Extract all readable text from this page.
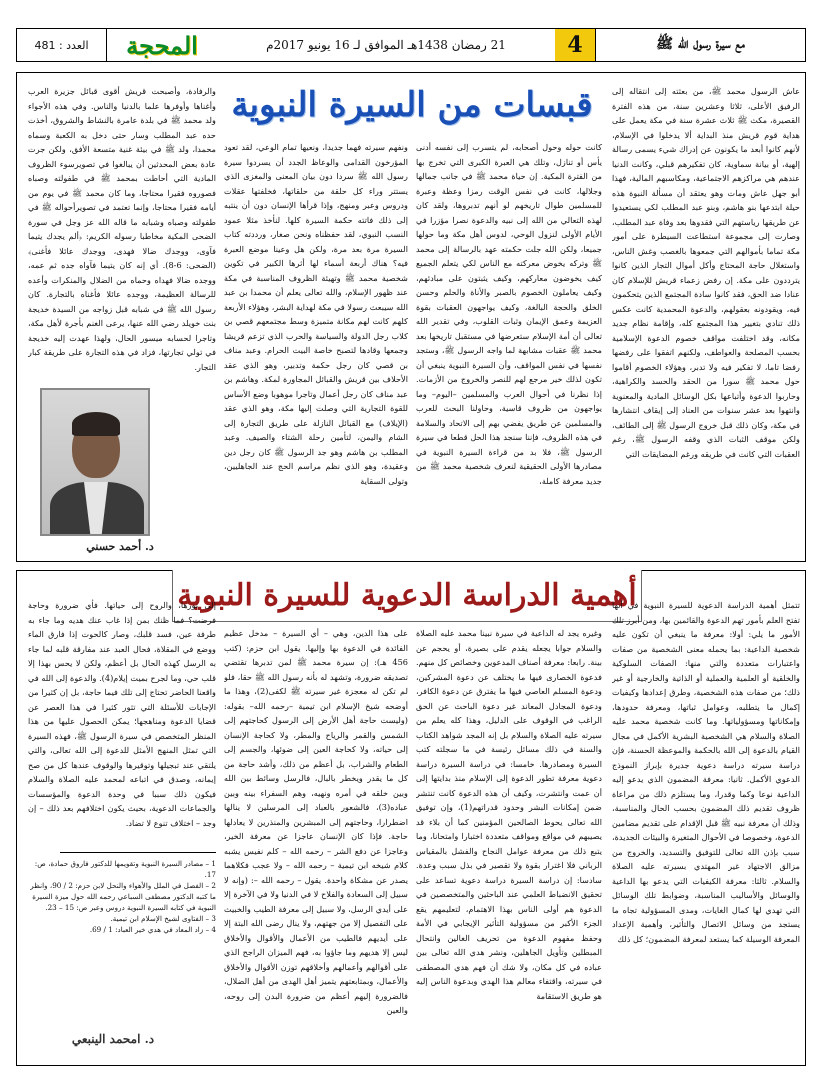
مع سيرة رسول الله ﷺ
4
21 رمضان 1438هـ الموافق لـ 16 يونيو 2017م
المحجة
العدد : 481
قبسات من السيرة النبوية	عاش الرسول محمد ﷺ، من بعثته إلى انتقاله إلى الرفيق الأعلى، ثلاثا وعشرين سنة، من هذه الفترة القصيرة، مكث ﷺ ثلاث عشرة سنة في مكة يعمل على هداية قوم قريش منذ البداية ألا يدخلوا في الإسلام، لأنهم كانوا أبعد ما يكونون عن إدراك شيء يسمى رسالة إلهية، أو بيانة سماوية، كان تفكيرهم قبلي، وكانت الدنيا عندهم هي مراكزهم الاجتماعية، ومكاسبهم المالية، فهذا أبو جهل عاش ومات وهو يعتقد أن مسألة النبوة هذه حيلة ابتدعها بنو هاشم، وبنو عبد المطلب لكي يستعيدوا عن طريقها رياستهم التي فقدوها بعد وفاة عبد المطلب، وصارت إلى مجموعة استطاعت السيطرة على أمور مكة تماما بأموالهم التي جمعوها بالغصب وغش الناس، واستغلال حاجة المحتاج وأكل أموال التجار الذين كانوا يترددون على مكة. إن رفض زعماء قريش للإسلام كان عنادا ضد الحق، فقد كانوا سادة المجتمع الذين يتحكمون فيه، ويقودونه بعقولهم، والدعوة المحمدية كانت عكس ذلك تنادي بتغيير هذا المجتمع كله، وإقامة نظام جديد مكانه، وقد اختلفت مواقف خصوم الدعوة الإسلامية بحسب المصلحة والعواطف، ولكنهم اتفقوا على رفضها رفضا تاما، لا تفكير فيه ولا تدبر، وهؤلاء الخصوم أقاموا حول محمد ﷺ سورا من الحقد والحسد والكراهية، وحاربوا الدعوة وأتباعها بكل الوسائل المادية والمعنوية وانتهوا بعد عشر سنوات من العناد إلى إيقاف انتشارها في مكة، وكان ذلك قبل خروج الرسول ﷺ إلى الطائف، ولكن موقف الثبات الذي وقفه الرسول ﷺ، رغم العقبات التي كانت في طريقه ورغم المضايقات التي

كانت حوله وحول أصحابه، لم يتسرب إلى نفسه أدنى يأس أو تنازل، وتلك هي العبرة الكبرى التي تخرج بها من الفترة المكية. إن حياة محمد ﷺ في جانب جمالها وجلالها، كانت في نفس الوقت رمزا وعظة وعبرة للمسلمين طوال تاريخهم لو أنهم تدبروها، ولقد كان لهذه التعالي من الله إلى نبيه والدعوة نصرا مؤزرا في الأيام الأولى لنزول الوحي، لدوس أهل مكة وما حولها جميعا، ولكن الله جلت حكمته عهد بالرسالة إلى محمد ﷺ وتركه يخوض معركته مع الناس لكي يتعلم الجميع كيف يخوضون معاركهم، وكيف يثبتون على مبادئهم، وكيف يعاملون الخصوم بالصبر والأناة والحلم وحسن الخلق والحجة البالغة، وكيف يواجهون العقبات بقوة العزيمة وعمق الإيمان وثبات القلوب، وفي تقدير الله تعالى أن أمة الإسلام ستعرضها في مستقبل تاريخها بعد محمد ﷺ عقبات مشابهة لما واجه الرسول ﷺ، وستجد نفسها في نفس المواقف، وأن السيرة النبوية ينبغي أن تكون لذلك خير مرجع لهم للنصر والخروج من الأزمات. إذا نظرنا في أحوال العرب والمسلمين –اليوم– وما يواجهون من ظروف قاسية، وحاولنا البحث للعرب والمسلمين عن طريق يفضي بهم إلى الاتحاد والسلامة في هذه الظروف، فإننا سنجد هذا الحل قطعا في سيرة الرسول ﷺ، فلا بد من قراءة السيرة النبوية في مصادرها الأولى الحقيقية لنعرف شخصية محمد ﷺ من جديد معرفة كاملة،

ونفهم سيرته فهما جديدا، ونعيها تمام الوعي، لقد تعود المؤرخون القدامى والوعاظ الجدد أن يسردوا سيرة رسول الله ﷺ سردا دون بيان المعنى والمغزى الذي يستتر وراء كل حلقة من حلقاتها، فخلفتها عقلات ودروس وعبر ومنهج، وإذا قرأها الإنسان دون أن ينتبه إلى ذلك فاتته حكمة السيرة كلها. لنأخذ مثلا عمود النسب النبوي، لقد حفظناه ونحن صغار، ورددته كتاب السيرة مرة بعد مرة، ولكن هل وعينا موضع العبرة فيه؟ هناك أربعة أسماء لها أثرها الكبير في تكوين شخصية محمد ﷺ وتهيئة الظروف المناسبة في مكة عند ظهور الإسلام، والله تعالى يعلم أن محمدا بن عبد الله سيبعث رسولا في مكة لهداية البشر، وهؤلاء الأربعة كلهم كانت لهم مكانة متميزة وسط مجتمعهم قصي بن كلاب رجل الدولة والسياسة والحرب الذي تزعم قريشا وجمعها وقادها لتصبح خاصة البيت الحرام. وعبد مناف بن قصي كان رجل حكمة وتدبير، وهو الذي عقد الأحلاف بين قريش والقبائل المجاورة لمكة. وهاشم بن عبد مناف كان رجل أعمال وتاجرا موهوبا وضع الأساس للقوة التجارية التي وصلت إليها مكة، وهو الذي عقد (الإيلاف) مع القبائل النازلة على طريق التجارة إلى الشام واليمن، لتأمين رحلة الشتاء والصيف. وعبد المطلب بن هاشم وهو جد الرسول ﷺ كان رجل دين وعقيدة، وهو الذي نظم مراسم الحج عند الجاهليين، وتولى السقاية

والرفادة، وأصبحت قريش أقوى قبائل جزيرة العرب وأغناها وأوفرها علما بالدنيا والناس. وفي هذه الأجواء ولد محمد ﷺ في بلدة عامرة بالنشاط والشروق، أخذت حده عبد المطلب وسار حتى دخل به الكعبة وسماه محمدا، ولد ﷺ في بيئة غنية متسعة الأفق، ولكن جرت عادة بعض المحدثين أن يبالغوا في تصويرسوء الظروف المادية التي أحاطت بمحمد ﷺ في طفولته وصباه فصوروه فقيرا محتاجا، وما كان محمد ﷺ في يوم من أيامه فقيرا محتاجا، وإنما تعتمد في تصويرأحواله ﷺ في طفولته وصباه وشبابه ما قاله الله عز وجل في سورة الضحى المكية مخاطبا رسوله الكريم: ﴿ألم يجدك يتيما فآوى، ووجدك ضالا فهدى، ووجدك عائلا فأغنى﴾ (الضحى: 6-8). أي إنه كان يتيما فآواه جده ثم عمه، ووجده ضالا فهداه وحماه من الضلال والمنكرات وأعده للرسالة العظيمة، ووجده عائلا فأغناه بالتجارة. كان رسول الله ﷺ في شبابه قبل زواجه من السيدة خديجة بنت خويلد رضي الله عنها، يرعى الغنم بأجرة لأهل مكة، وتاجرا لحسابه ميسور الحال، ولهذا عهدت إليه خديجة في تولي تجارتها، فزاد في هذه التجارة على طريقة كبار التجار.

د. أحمد حسني
أهمية الدراسة الدعوية للسيرة النبوية

تتمثل أهمية الدراسة الدعوية للسيرة النبوية في أنها تفتح العلم بأمور تهم الدعوة والقائمين بها، ومن أبرز تلك الأمور ما يلي: أولا: معرفة ما ينبغي أن تكون عليه شخصية الداعية: بما يحمله معنى الشخصية من صفات واعتبارات متعددة والتي منها: الصفات السلوكية والخلقية أو العلمية والعملية أو الذاتية والخارجية أو غير ذلك؛ من صفات هذه الشخصية، وطرق إعدادها وكيفيات إكمال ما يتطلبه، وعوامل ثباتها، ومعرفة حدودها، وإمكاناتها ومسؤولياتها. وما كانت شخصية محمد عليه الصلاة والسلام هي الشخصية البشرية الأكمل في مجال القيام بالدعوة إلى الله بالحكمة والموعظة الحسنة، فإن دراسة سيرته دراسة دعوية جديرة بإبراز النموذج الدعوي الأكمل. ثانيا: معرفة المضمون الذي يدعو إليه الداعية نوعا وكما وقدرا، وما يستلزم ذلك من مراعاة ظروف تقديم ذلك المضمون بحسب الحال والمناسبة، وذلك أن معرفة نبيه ﷺ قبل الإقدام على تقديم مضامين الدعوة، وخصوصا في الأحوال المتغيرة والبيئات الجديدة، سبب بإذن الله تعالى للتوفيق والتسديد، والخروج من مزالق الاجتهاد غير المهتدي بسيرته عليه الصلاة والسلام. ثالثا: معرفة الكيفيات التي يدعو بها الداعية والوسائل والأساليب المناسبة، وضوابط تلك الوسائل التي تهدي لها كمال الغايات، ومدى المسؤولية تجاه ما يستجد من وسائل الاتصال والتأثير، وأهمية الإعداد المعرفة الوسيلة كما يستعد لمعرفة المضمون؛ كل ذلك

وغيره يجد له الداعية في سيرة نبينا محمد عليه الصلاة والسلام جوابا يجعله يقدم على بصيرة، أو يحجم عن بينة. رابعا: معرفة أصناف المدعوين وخصائص كل منهم. فدعوة الخصارى فيها ما يختلف عن دعوة المشركين، ودعوة المسلم العاصي فيها ما يفترق عن دعوة الكافر، ودعوة المجادل المعاند غير دعوة الباحث عن الحق الراغب في الوقوف على الدليل، وهذا كله يعلم من سيرته عليه الصلاة والسلام بل إنه المجد شواهد الكتاب والسنة في ذلك مسائل رئيسة في ما سجلته كتب السيرة ومصادرها. خامسا: في دراسة السيرة دراسة دعوية معرفة تطور الدعوة إلى الإسلام منذ بدايتها إلى أن عمت وانتشرت، وكيف أن هذه الدعوة كانت تنتشر ضمن إمكانات البشر وحدود قدراتهم(1)، وإن توفيق الله تعالى يحوط الصالحين المؤمنين كما أن بلاء قد يصيبهم في مواقع ومواقف متعددة اختبارا وامتحانا، وما يتبع ذلك من معرفة عوامل النجاح والفشل بالمقياس الرباني فلا اغترار بقوة ولا تقصير في بذل سبب وعدة. سادسا: إن دراسة السيرة دراسة دعوية تساعد على تحقيق الانضباط العلمي عند الباحثين والمتخصصين في الدعوة هم أولى الناس بهذا الاهتمام، لتعليمهم يقع الجزء الأكبر من مسؤولية التأثير الإيجابي في الأمة وحفظ مفهوم الدعوة من تحريف الغالين وانتحال المبطلين وتأويل الجاهلين، ونشر هدي الله تعالى بين عباده في كل مكان، ولا شك أن فهم هدي المصطفى في سيرته، واقتفاء معالم هذا الهدي وبدعوة الناس إليه هو طريق الاستقامة

على هذا الدين، وهي – أي السيرة – مدخل عظيم الفائدة في الدعوة بها وإليها. يقول ابن حزم: (كتب 456 هـ): إن سيرة محمد ﷺ لمن تدبرها تقتضي تصديقه ضرورة، وتشهد له بأنه رسول الله ﷺ حقا، فلو لم تكن له معجزة غير سيرته ﷺ لكفى(2)، وهذا ما أوضحه شيخ الإسلام ابن تيمية –رحمه الله– بقوله: (وليست حاجة أهل الأرض إلى الرسول كحاجتهم إلى الشمس والقمر والرياح والمطر، ولا كحاجة الإنسان إلى حياته، ولا كحاجة العين إلى ضوئها، والجسم إلى الطعام والشراب، بل أعظم من ذلك، وأشد حاجة من كل ما يقدر ويخطر بالبال، فالرسل وسائط بين الله وبين خلقه في أمره ونهيه، وهم السفراء بينه وبين عباده(3)، فالشعور بالعباد إلى المرسلين لا ينالها اضطرارا، وحاجتهم إلى المبشرين والمنذرين لا يعادلها حاجة. فإذا كان الإنسان عاجزا عن معرفة الخير، وعاجزا عن دفع الشر – رحمه الله – كلم نفيس يشبه كلام شيخه ابن تيمية – رحمه الله – ولا عجب فكلاهما يصدر عن مشكاة واحدة. يقول – رحمه الله –: (وإنه لا سبيل إلى السعادة والفلاح لا في الدنيا ولا في الآخرة إلا على أيدي الرسل، ولا سبيل إلى معرفة الطيب والخبيث على التفصيل إلا من جهتهم، ولا ينال رضى الله البتة إلا على أيديهم فالطيب من الأعمال والأقوال والأخلاق ليس إلا هديهم وما جاؤوا به، فهم الميزان الراجح الذي على أقوالهم وأعمالهم وأخلاقهم توزن الأقوال والأخلاق والأعمال، وبمتابعتهم يتميز أهل الهدى من أهل الضلال، فالضرورة إليهم أعظم من ضرورة البدن إلى روحه، والعين

إلى نورها، والروح إلى حياتها. فأي ضرورة وحاجة فرضت؟ فما ظنك بمن إذا غاب عنك هديه وما جاء به طرفة عين، فسد قلبك، وصار كالحوت إذا فارق الماء ووضع في المقلاة، فحال العبد عند مفارقة قلبه لما جاء به الرسل كهذه الحال بل أعظم، ولكن لا يحس بهذا إلا قلب حي، وما لجرح بميت إيلام(4). والدعوة إلى الله في واقعنا الحاضر تحتاج إلى تلك فيما حاجة، بل إن كثيرا من الإجابات للأسئلة التي تثور كثيرا في هذا العصر عن قضايا الدعوة ومناهجها؛ يمكن الحصول عليها من هذا المنظر المتخصص في سيرة الرسول ﷺ، فهذه السيرة التي تمثل المنهج الأمثل للدعوة إلى الله تعالى، والتي يلتقي عند تبجيلها وتوقيرها والوقوف عندها كل من صح إيمانه، وصدق في اتباعه لمحمد عليه الصلاة والسلام فيكون ذلك سببا في وحدة الدعوة والمؤسسات والجماعات الدعوية، بحيث يكون اختلافهم بعد ذلك – إن وجد – اختلاف تنوع لا تضاد.

1 – مصادر السيرة النبوية وتقويمها للدكتور فاروق حمادة، ص: 17.
2 – الفصل في الملل والأهواء والنحل لابن حزم: 2 / 90، وانظر ما كتبه الدكتور مصطفى السباعي رحمه الله حول ميزة السيرة النبوية في كتابه السيرة النبوية دروس وعبر ص: 15 – 23.
3 – الفتاوى لشيخ الإسلام ابن تيمية.
4 – زاد المعاد في هدي خير العباد: 1 / 69.
د. امحمد الينبعي
